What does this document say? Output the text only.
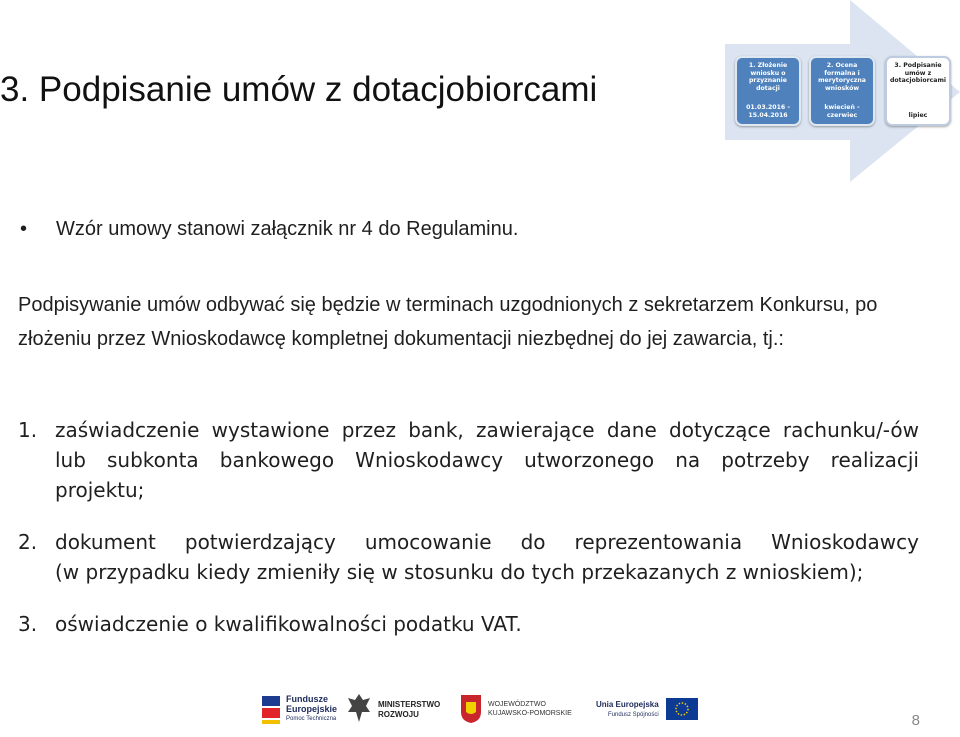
3. Podpisanie umów z dotacjobiorcami
1. Złożenie wniosku o przyznanie dotacji
01.03.2016 - 15.04.2016
2. Ocena formalna i merytoryczna wniosków
kwiecień - czerwiec
3. Podpisanie umów z dotacjobiorcami
lipiec
• Wzór umowy stanowi załącznik nr 4 do Regulaminu.
Podpisywanie umów odbywać się będzie w terminach uzgodnionych z sekretarzem Konkursu, po złożeniu przez Wnioskodawcę kompletnej dokumentacji niezbędnej do jej zawarcia, tj.:
1. zaświadczenie wystawione przez bank, zawierające dane dotyczące rachunku/-ów
lub subkonta bankowego Wnioskodawcy utworzonego na potrzeby realizacji
projektu;
2. dokument potwierdzający umocowanie do reprezentowania Wnioskodawcy
(w przypadku kiedy zmieniły się w stosunku do tych przekazanych z wnioskiem);
3. oświadczenie o kwalifikowalności podatku VAT.
Fundusze
Europejskie
Pomoc Techniczna
MINISTERSTWO
ROZWOJU
WOJEWÓDZTWO
KUJAWSKO-POMORSKIE
Unia Europejska
Fundusz Spójności	8
